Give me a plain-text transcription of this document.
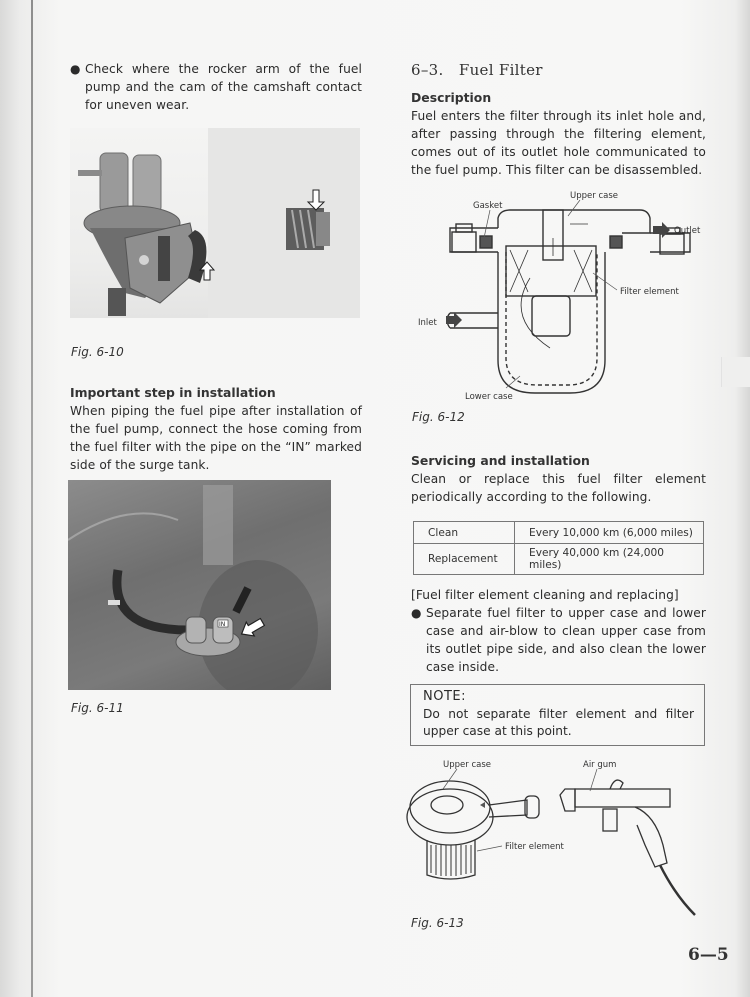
● Check where the rocker arm of the fuel pump and the cam of the camshaft contact for uneven wear.
Fig. 6-10
Important step in installation
When piping the fuel pipe after installation of the fuel pump, connect the hose coming from the fuel filter with the pipe on the “IN” marked side of the surge tank.
IN
Fig. 6-11
6–3. Fuel Filter
Description
Fuel enters the filter through its inlet hole and, after passing through the filtering element, comes out of its outlet hole communicated to the fuel pump. This filter can be disassembled.
Upper case
Gasket
Outlet
Filter element
Inlet
Lower case
Fig. 6-12
Servicing and installation
Clean or replace this fuel filter element periodically according to the following.
Clean	Every 10,000 km (6,000 miles)
Replacement	Every 40,000 km (24,000 miles)
[Fuel filter element cleaning and replacing]
● Separate fuel filter to upper case and lower case and air-blow to clean upper case from its outlet pipe side, and also clean the lower case inside.
NOTE:
Do not separate filter element and filter upper case at this point.
Upper case	Air gum
Filter element
Fig. 6-13
6—5
